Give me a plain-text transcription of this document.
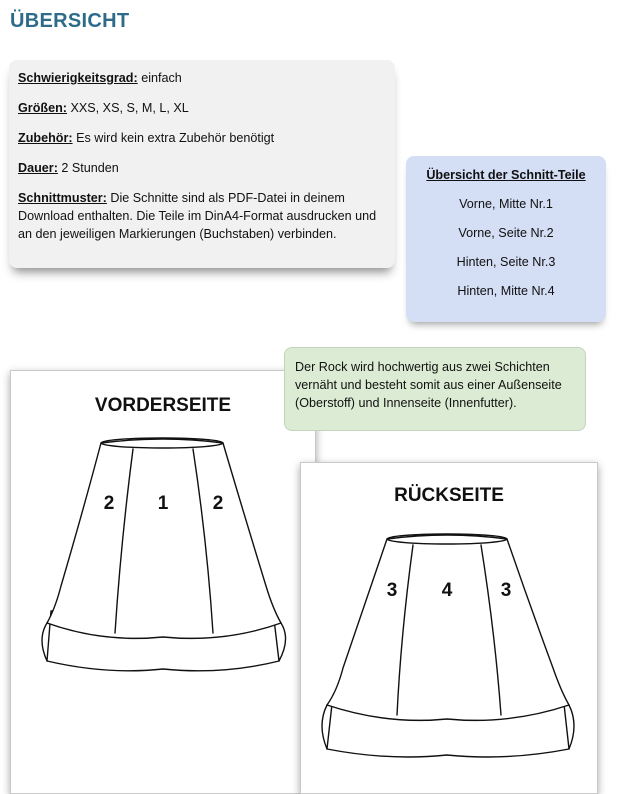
ÜBERSICHT
Schwierigkeitsgrad: einfach
Größen: XXS, XS, S, M, L, XL
Zubehör: Es wird kein extra Zubehör benötigt
Dauer: 2 Stunden
Schnittmuster: Die Schnitte sind als PDF-Datei in deinem Download enthalten. Die Teile im DinA4-Format ausdrucken und an den jeweiligen Markierungen (Buchstaben) verbinden.
Übersicht der Schnitt-Teile
Vorne, Mitte Nr.1
Vorne, Seite Nr.2
Hinten, Seite Nr.3
Hinten, Mitte Nr.4
VORDERSEITE
2 1 2	RÜCKSEITE
3 4	3
Der Rock wird hochwertig aus zwei Schichten vernäht und besteht somit aus einer Außenseite (Oberstoff) und Innenseite (Innenfutter).
